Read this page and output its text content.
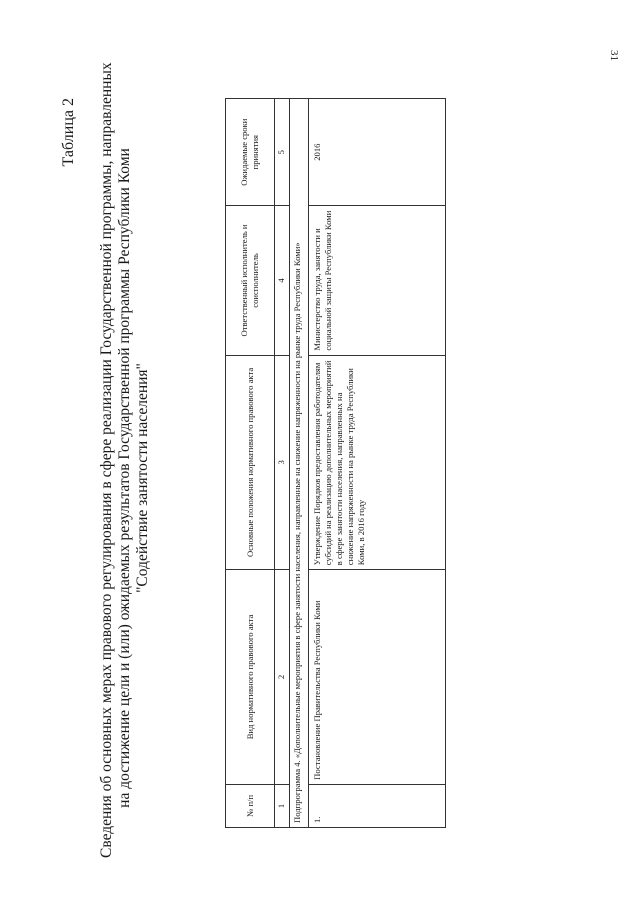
31
Таблица 2 Сведения об основных мерах правового регулирования в сфере реализации Государственной программы, направленных на достижение цели и (или) ожидаемых результатов Государственной программы Республики Коми "Содействие занятости населения"
№ п/п	Вид нормативного правового акта	Основные положения нормативного правового акта	Ответственный исполнитель и соисполнитель	Ожидаемые сроки принятия
1	2	3	4	5
Подпрограмма 4. «Дополнительные мероприятия в сфере занятости населения, направленные на снижение напряженности на рынке труда Республики Коми»				
1.	Постановление Правительства Республики Коми	Утверждение Порядков предоставления работодателям субсидий на реализацию дополнительных мероприятий в сфере занятости населения, направленных на снижение напряженности на рынке труда Республики Коми, в 2016 году	Министерство труда, занятости и социальной защиты Республики Коми	2016
